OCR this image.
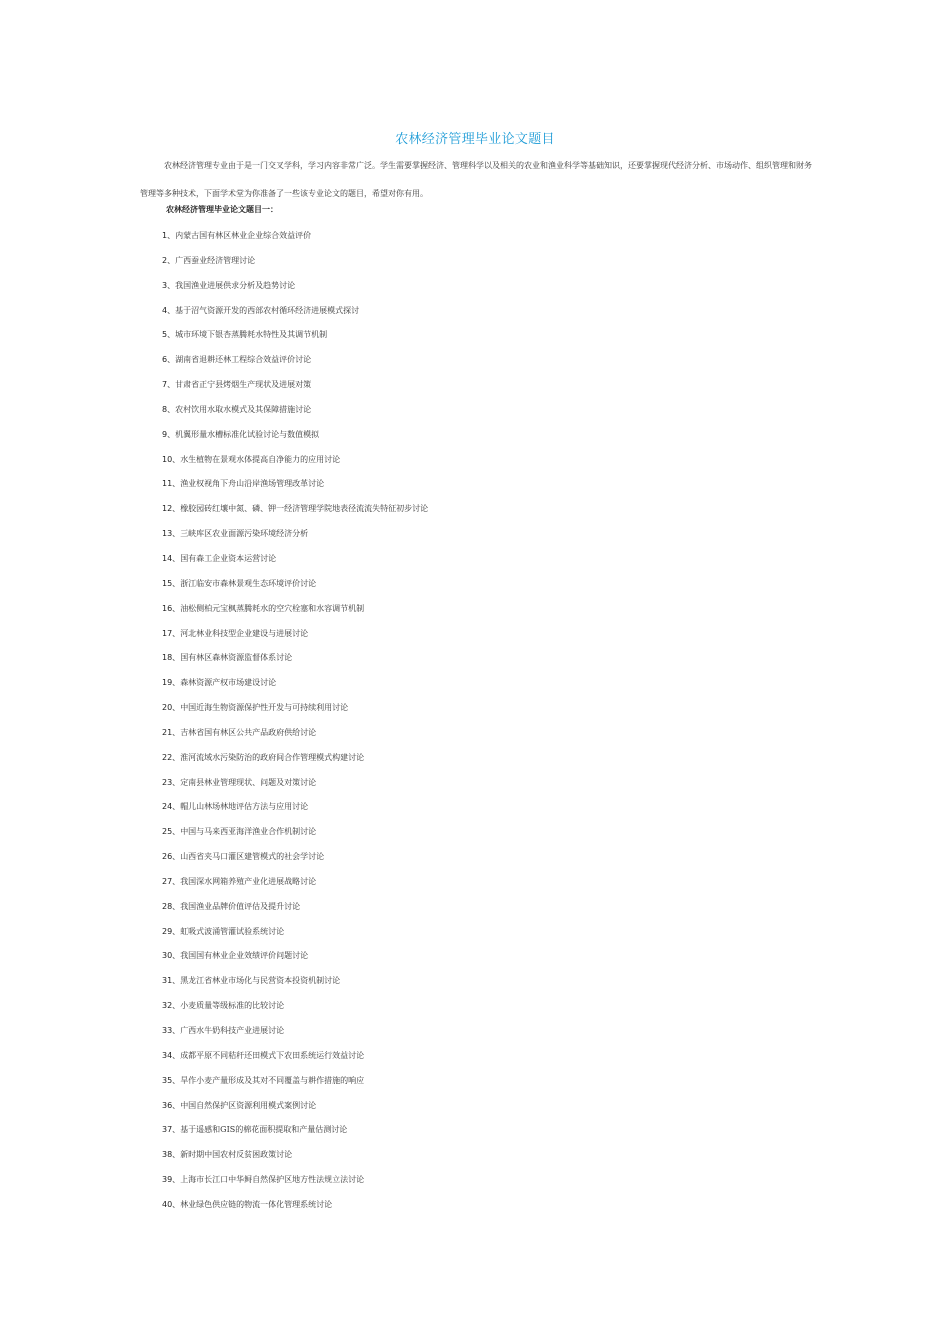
农林经济管理毕业论文题目

农林经济管理专业由于是一门交叉学科，学习内容非常广泛。学生需要掌握经济、管理科学以及相关的农业和渔业科学等基础知识，还要掌握现代经济分析、市场动作、组织管理和财务管理等多种技术，下面学术堂为你准备了一些该专业论文的题目，希望对你有用。

农林经济管理毕业论文题目一：
1、内蒙古国有林区林业企业综合效益评价
2、广西蚕业经济管理讨论
3、我国渔业进展供求分析及趋势讨论
4、基于沼气资源开发的西部农村循环经济进展模式探讨
5、城市环境下银杏蒸腾耗水特性及其调节机制
6、湖南省退耕还林工程综合效益评价讨论
7、甘肃省正宁县烤烟生产现状及进展对策
8、农村饮用水取水模式及其保障措施讨论
9、机翼形量水槽标准化试验讨论与数值模拟
10、水生植物在景观水体提高自净能力的应用讨论
11、渔业权视角下舟山沿岸渔场管理改革讨论
12、橡胶园砖红壤中氮、磷、钾一经济管理学院地表径流流失特征初步讨论
13、三峡库区农业面源污染环境经济分析
14、国有森工企业资本运营讨论
15、浙江临安市森林景观生态环境评价讨论
16、油松侧柏元宝枫蒸腾耗水的空穴栓塞和水容调节机制
17、河北林业科技型企业建设与进展讨论
18、国有林区森林资源监督体系讨论
19、森林资源产权市场建设讨论
20、中国近海生物资源保护性开发与可持续利用讨论
21、吉林省国有林区公共产品政府供给讨论
22、淮河流域水污染防治的政府间合作管理模式构建讨论
23、定南县林业管理现状、问题及对策讨论
24、帽儿山林场林地评估方法与应用讨论
25、中国与马来西亚海洋渔业合作机制讨论
26、山西省夹马口灌区建管模式的社会学讨论
27、我国深水网箱养殖产业化进展战略讨论
28、我国渔业品牌价值评估及提升讨论
29、虹吸式波涌管灌试验系统讨论
30、我国国有林业企业效绩评价问题讨论
31、黑龙江省林业市场化与民营资本投资机制讨论
32、小麦质量等级标准的比较讨论
33、广西水牛奶科技产业进展讨论
34、成都平原不同秸秆还田模式下农田系统运行效益讨论
35、旱作小麦产量形成及其对不同覆盖与耕作措施的响应
36、中国自然保护区资源利用模式案例讨论
37、基于遥感和GIS的棉花面积提取和产量估测讨论
38、新时期中国农村反贫困政策讨论
39、上海市长江口中华鲟自然保护区地方性法规立法讨论
40、林业绿色供应链的物流一体化管理系统讨论
